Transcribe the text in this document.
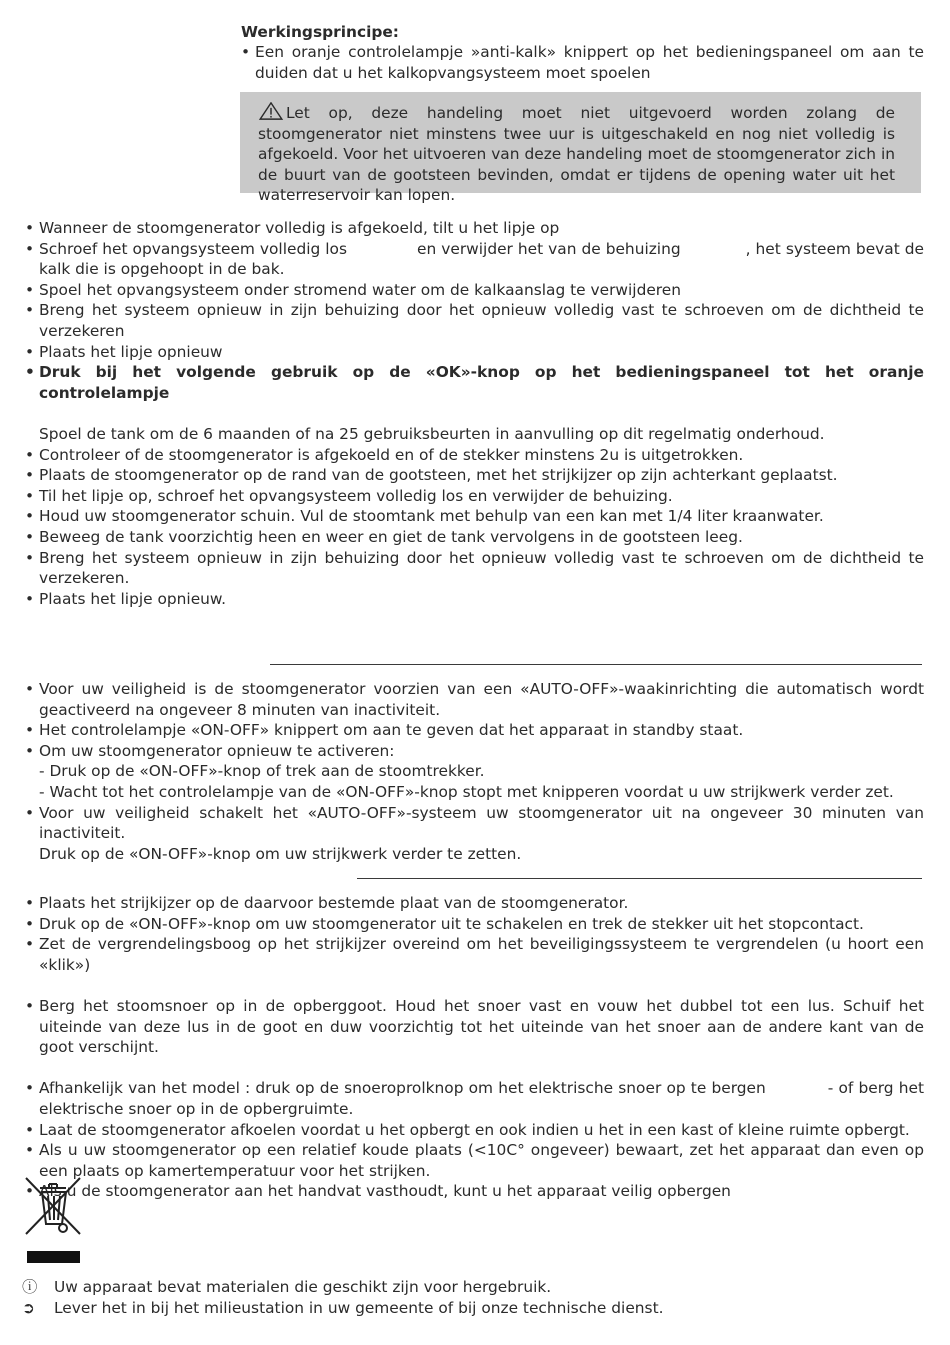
Werkingsprincipe:
• Een oranje controlelampje »anti-kalk» knippert op het bedieningspaneel om aan te duiden dat u het kalkopvangsysteem moet spoelen
Let op, deze handeling moet niet uitgevoerd worden zolang de stoomgenerator niet minstens twee uur is uitgeschakeld en nog niet volledig is afgekoeld. Voor het uitvoeren van deze handeling moet de stoomgenerator zich in de buurt van de gootsteen bevinden, omdat er tijdens de opening water uit het waterreservoir kan lopen.
• Wanneer de stoomgenerator volledig is afgekoeld, tilt u het lipje op
• Schroef het opvangsysteem volledig los              en verwijder het van de behuizing             , het systeem bevat de kalk die is opgehoopt in de bak.
• Spoel het opvangsysteem onder stromend water om de kalkaanslag te verwijderen
• Breng het systeem opnieuw in zijn behuizing door het opnieuw volledig vast te schroeven om de dichtheid te verzekeren
• Plaats het lipje opnieuw
• Druk bij het volgende gebruik op de «OK»-knop op het bedieningspaneel tot het oranje controlelampje
Spoel de tank om de 6 maanden of na 25 gebruiksbeurten in aanvulling op dit regelmatig onderhoud.
• Controleer of de stoomgenerator is afgekoeld en of de stekker minstens 2u is uitgetrokken.
• Plaats de stoomgenerator op de rand van de gootsteen, met het strijkijzer op zijn achterkant geplaatst.
• Til het lipje op, schroef het opvangsysteem volledig los en verwijder de behuizing.
• Houd uw stoomgenerator schuin. Vul de stoomtank met behulp van een kan met 1/4 liter kraanwater.
• Beweeg de tank voorzichtig heen en weer en giet de tank vervolgens in de gootsteen leeg.
• Breng het systeem opnieuw in zijn behuizing door het opnieuw volledig vast te schroeven om de dichtheid te verzekeren.
• Plaats het lipje opnieuw.
• Voor uw veiligheid is de stoomgenerator voorzien van een «AUTO-OFF»-waakinrichting die automatisch wordt geactiveerd na ongeveer 8 minuten van inactiviteit.
• Het controlelampje «ON-OFF» knippert om aan te geven dat het apparaat in standby staat.
• Om uw stoomgenerator opnieuw te activeren:
- Druk op de «ON-OFF»-knop of trek aan de stoomtrekker.
- Wacht tot het controlelampje van de «ON-OFF»-knop stopt met knipperen voordat u uw strijkwerk verder zet.
• Voor uw veiligheid schakelt het «AUTO-OFF»-systeem uw stoomgenerator uit na ongeveer 30 minuten van inactiviteit.
Druk op de «ON-OFF»-knop om uw strijkwerk verder te zetten.
• Plaats het strijkijzer op de daarvoor bestemde plaat van de stoomgenerator.
• Druk op de «ON-OFF»-knop om uw stoomgenerator uit te schakelen en trek de stekker uit het stopcontact.
• Zet de vergrendelingsboog op het strijkijzer overeind om het beveiligingssysteem te vergrendelen (u hoort een «klik»)
• Berg het stoomsnoer op in de opberggoot. Houd het snoer vast en vouw het dubbel tot een lus. Schuif het uiteinde van deze lus in de goot en duw voorzichtig tot het uiteinde van het snoer aan de andere kant van de goot verschijnt.
• Afhankelijk van het model : druk op de snoeroprolknop om het elektrische snoer op te bergen            - of berg het elektrische snoer op in de opbergruimte.
• Laat de stoomgenerator afkoelen voordat u het opbergt en ook indien u het in een kast of kleine ruimte opbergt.
• Als u uw stoomgenerator op een relatief koude plaats (<10C° ongeveer) bewaart, zet het apparaat dan even op een plaats op kamertemperatuur voor het strijken.
• Als u de stoomgenerator aan het handvat vasthoudt, kunt u het apparaat veilig opbergen
ⓘ Uw apparaat bevat materialen die geschikt zijn voor hergebruik.
➲ Lever het in bij het milieustation in uw gemeente of bij onze technische dienst.
